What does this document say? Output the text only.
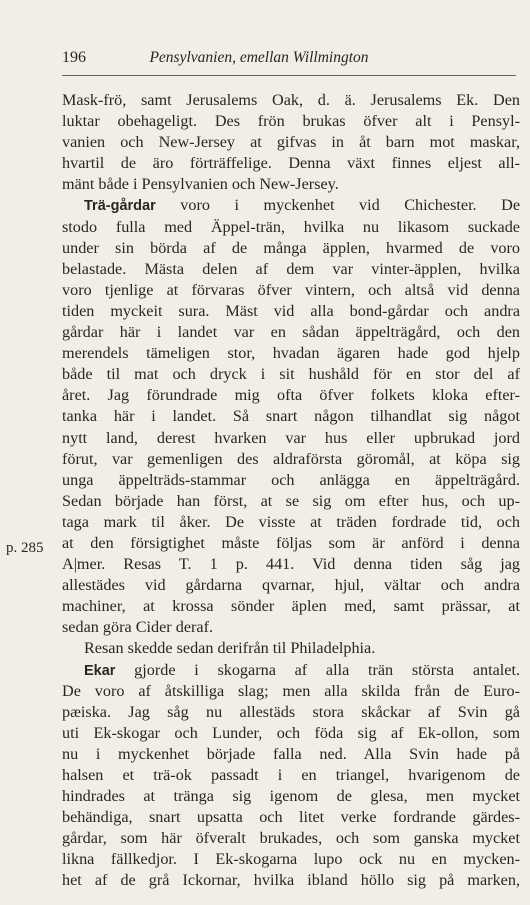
196	Pensylvanien, emellan Willmington
p. 285
Mask-frö, samt Jerusalems Oak, d. ä. Jerusalems Ek. Den
luktar obehageligt. Des frön brukas öfver alt i Pensyl-
vanien och New-Jersey at gifvas in åt barn mot maskar,
hvartil de äro förträffelige. Denna växt finnes eljest all-
mänt både i Pensylvanien och New-Jersey.
Trä-gårdar voro i myckenhet vid Chichester. De
stodo fulla med Äppel-trän, hvilka nu likasom suckade
under sin börda af de många äpplen, hvarmed de voro
belastade. Mästa delen af dem var vinter-äpplen, hvilka
voro tjenlige at förvaras öfver vintern, och altså vid denna
tiden myckeit sura. Mäst vid alla bond-gårdar och andra
gårdar här i landet var en sådan äppelträgård, och den
merendels tämeligen stor, hvadan ägaren hade god hjelp
både til mat och dryck i sit hushåld för en stor del af
året. Jag förundrade mig ofta öfver folkets kloka efter-
tanka här i landet. Så snart någon tilhandlat sig något
nytt land, derest hvarken var hus eller upbrukad jord
förut, var gemenligen des aldraförsta göromål, at köpa sig
unga äppelträds-stammar och anlägga en äppelträgård.
Sedan började han först, at se sig om efter hus, och up-
taga mark til åker. De visste at träden fordrade tid, och
at den försigtighet måste följas som är anförd i denna
A|mer. Resas T. 1 p. 441. Vid denna tiden såg jag
allestädes vid gårdarna qvarnar, hjul, vältar och andra
machiner, at krossa sönder äplen med, samt prässar, at
sedan göra Cider deraf.
Resan skedde sedan derifrån til Philadelphia.
Ekar gjorde i skogarna af alla trän största antalet.
De voro af åtskilliga slag; men alla skilda från de Euro-
pæiska. Jag såg nu allestäds stora skåckar af Svin gå
uti Ek-skogar och Lunder, och föda sig af Ek-ollon, som
nu i myckenhet började falla ned. Alla Svin hade på
halsen et trä-ok passadt i en triangel, hvarigenom de
hindrades at tränga sig igenom de glesa, men mycket
behändiga, snart upsatta och litet verke fordrande gärdes-
gårdar, som här öfveralt brukades, och som ganska mycket
likna fällkedjor. I Ek-skogarna lupo ock nu en mycken-
het af de grå Ickornar, hvilka ibland höllo sig på marken,
